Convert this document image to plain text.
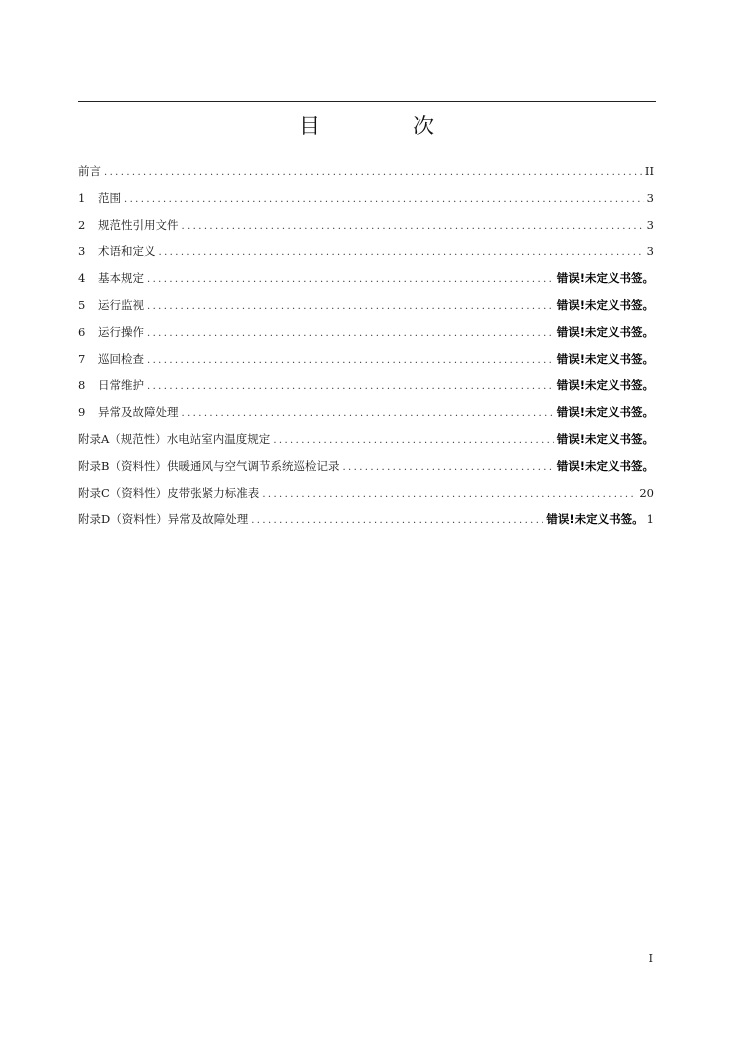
目　次
前言 .....	II
1	范围 .....	3
2	规范性引用文件 .....	3
3	术语和定义 .....	3
4	基本规定 .....	错误!未定义书签。
5	运行监视 .....	错误!未定义书签。
6	运行操作 .....	错误!未定义书签。
7	巡回检查 .....	错误!未定义书签。
8	日常维护 .....	错误!未定义书签。
9	异常及故障处理 .....	错误!未定义书签。
附录A（规范性）水电站室内温度规定 .....	错误!未定义书签。
附录B（资料性）供暖通风与空气调节系统巡检记录 .....	错误!未定义书签。
附录C（资料性）皮带张紧力标准表 .....	20
附录D（资料性）异常及故障处理 .....	错误!未定义书签。 1
I
